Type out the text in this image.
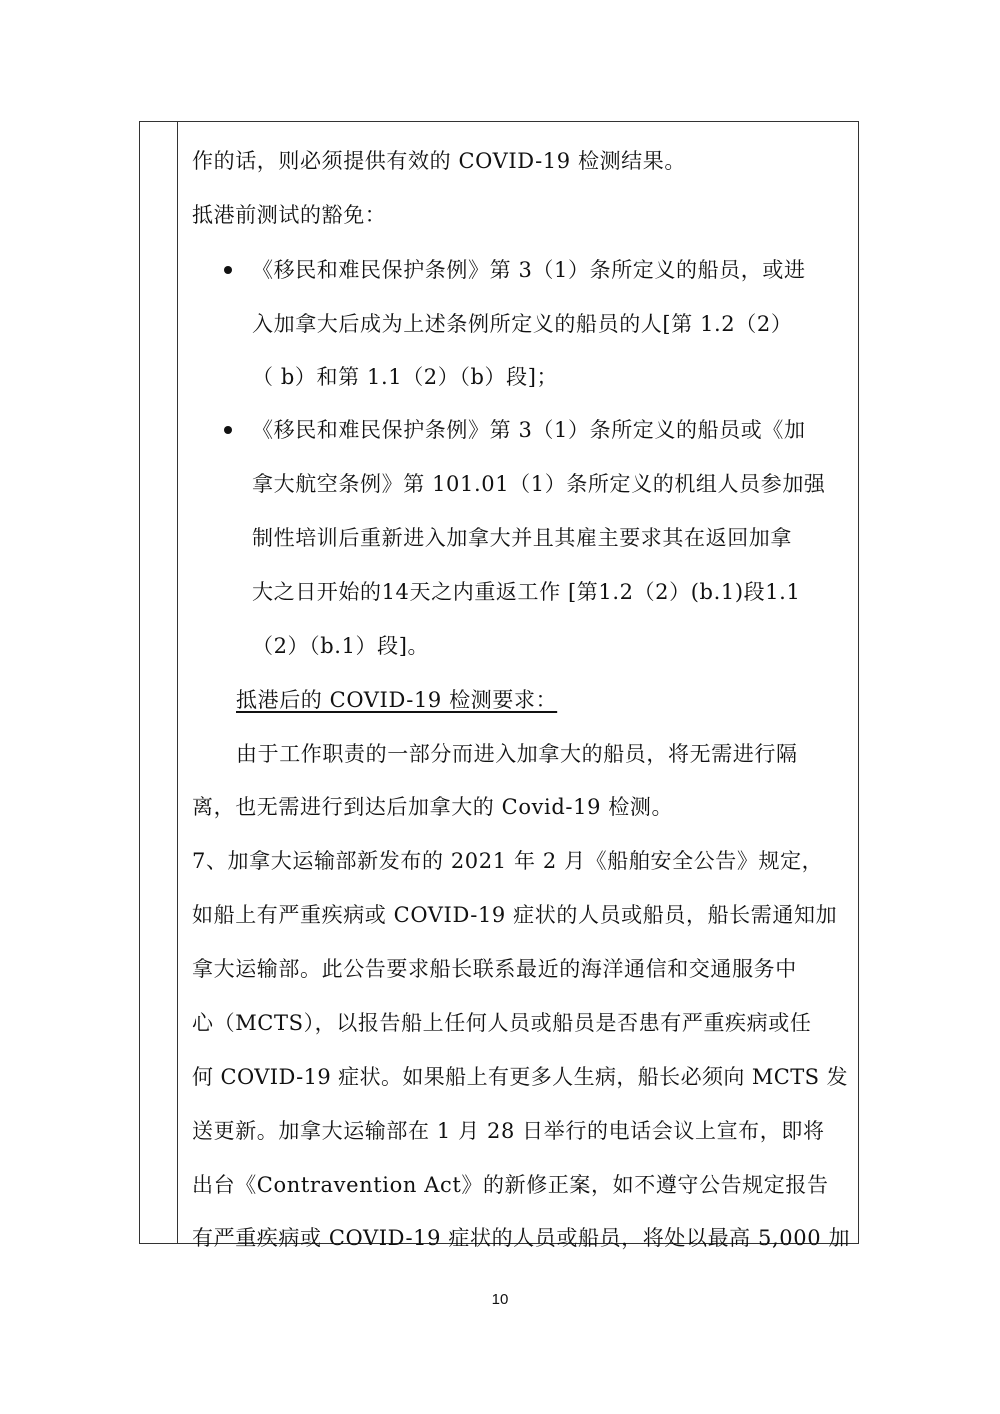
作的话，则必须提供有效的 COVID-19 检测结果。
抵港前测试的豁免：
《移民和难民保护条例》第 3（1）条所定义的船员，或进
入加拿大后成为上述条例所定义的船员的人[第 1.2（2）
（ b）和第 1.1（2）（b）段]；
《移民和难民保护条例》第 3（1）条所定义的船员或《加
拿大航空条例》第 101.01（1）条所定义的机组人员参加强
制性培训后重新进入加拿大并且其雇主要求其在返回加拿
大之日开始的14天之内重返工作 [第1.2（2）(b.1)段1.1
（2）（b.1）段]。
抵港后的 COVID-19 检测要求：
由于工作职责的一部分而进入加拿大的船员，将无需进行隔
离，也无需进行到达后加拿大的 Covid-19 检测。
7、加拿大运输部新发布的 2021 年 2 月《船舶安全公告》规定，
如船上有严重疾病或 COVID-19 症状的人员或船员，船长需通知加
拿大运输部。此公告要求船长联系最近的海洋通信和交通服务中
心（MCTS），以报告船上任何人员或船员是否患有严重疾病或任
何 COVID-19 症状。如果船上有更多人生病，船长必须向 MCTS 发
送更新。加拿大运输部在 1 月 28 日举行的电话会议上宣布，即将
出台《Contravention Act》的新修正案，如不遵守公告规定报告
有严重疾病或 COVID-19 症状的人员或船员，将处以最高 5,000 加
10
